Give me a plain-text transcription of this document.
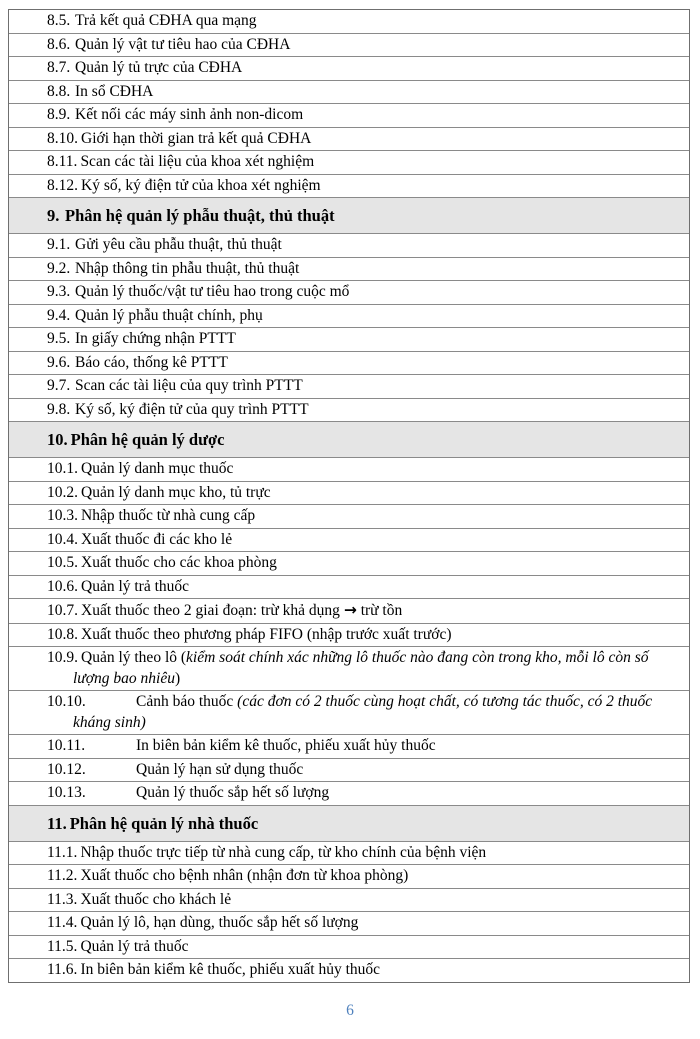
8.5. Trả kết quả CĐHA qua mạng
8.6. Quản lý vật tư tiêu hao của CĐHA
8.7. Quản lý tủ trực của CĐHA
8.8. In sổ CĐHA
8.9. Kết nối các máy sinh ảnh non-dicom
8.10. Giới hạn thời gian trả kết quả CĐHA
8.11. Scan các tài liệu của khoa xét nghiệm
8.12. Ký số, ký điện tử của khoa xét nghiệm
9. Phân hệ quản lý phẫu thuật, thủ thuật
9.1. Gửi yêu cầu phẫu thuật, thủ thuật
9.2. Nhập thông tin phẫu thuật, thủ thuật
9.3. Quản lý thuốc/vật tư tiêu hao trong cuộc mổ
9.4. Quản lý phẫu thuật chính, phụ
9.5. In giấy chứng nhận PTTT
9.6. Báo cáo, thống kê PTTT
9.7. Scan các tài liệu của quy trình PTTT
9.8. Ký số, ký điện tử của quy trình PTTT
10. Phân hệ quản lý dược
10.1. Quản lý danh mục thuốc
10.2. Quản lý danh mục kho, tủ trực
10.3. Nhập thuốc từ nhà cung cấp
10.4. Xuất thuốc đi các kho lẻ
10.5. Xuất thuốc cho các khoa phòng
10.6. Quản lý trả thuốc
10.7. Xuất thuốc theo 2 giai đoạn: trừ khả dụng → trừ tồn
10.8. Xuất thuốc theo phương pháp FIFO (nhập trước xuất trước)
10.9. Quản lý theo lô (kiểm soát chính xác những lô thuốc nào đang còn trong kho, mỗi lô còn số lượng bao nhiêu)
10.10.	Cảnh báo thuốc (các đơn có 2 thuốc cùng hoạt chất, có tương tác thuốc, có 2 thuốc kháng sinh)
10.11.	In biên bản kiểm kê thuốc, phiếu xuất hủy thuốc
10.12.	Quản lý hạn sử dụng thuốc
10.13.	Quản lý thuốc sắp hết số lượng
11. Phân hệ quản lý nhà thuốc
11.1. Nhập thuốc trực tiếp từ nhà cung cấp, từ kho chính của bệnh viện
11.2. Xuất thuốc cho bệnh nhân (nhận đơn từ khoa phòng)
11.3. Xuất thuốc cho khách lẻ
11.4. Quản lý lô, hạn dùng, thuốc sắp hết số lượng
11.5. Quản lý trả thuốc
11.6. In biên bản kiểm kê thuốc, phiếu xuất hủy thuốc
6
